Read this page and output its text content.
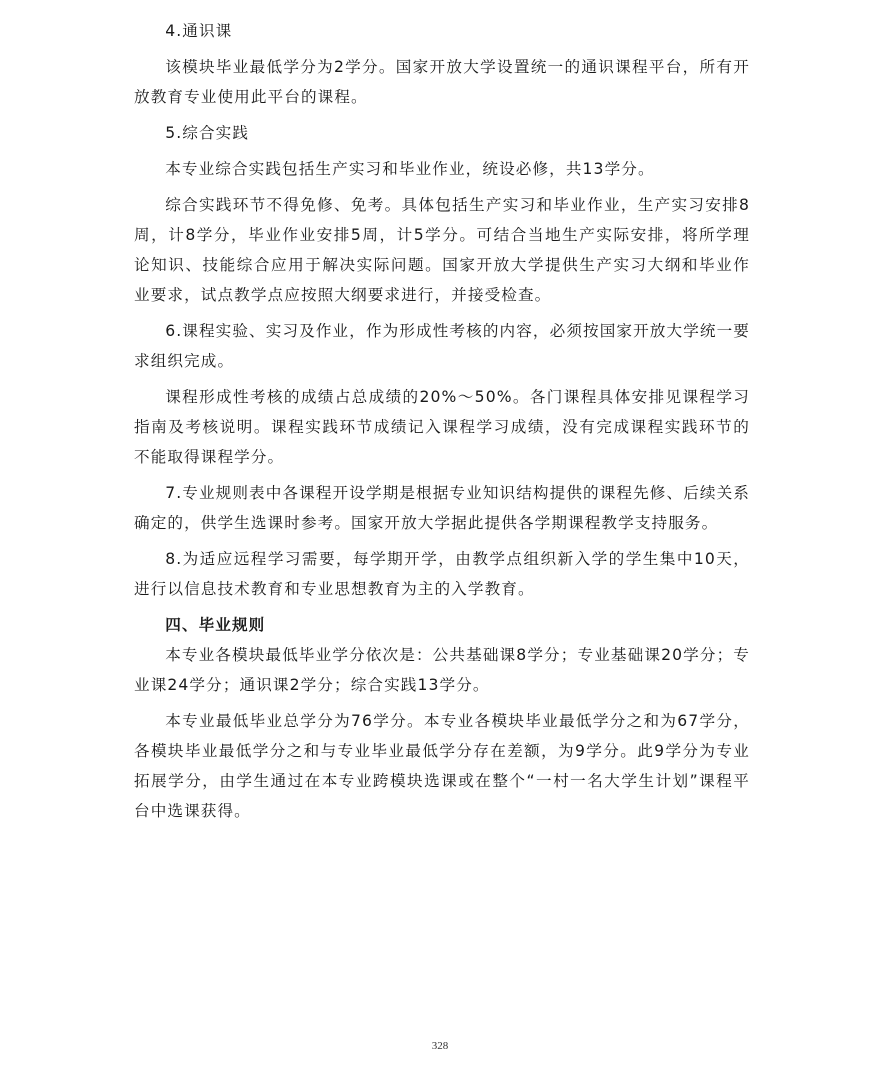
4.通识课

该模块毕业最低学分为2学分。国家开放大学设置统一的通识课程平台，所有开放教育专业使用此平台的课程。

5.综合实践

本专业综合实践包括生产实习和毕业作业，统设必修，共13学分。

综合实践环节不得免修、免考。具体包括生产实习和毕业作业，生产实习安排8周，计8学分，毕业作业安排5周，计5学分。可结合当地生产实际安排，将所学理论知识、技能综合应用于解决实际问题。国家开放大学提供生产实习大纲和毕业作业要求，试点教学点应按照大纲要求进行，并接受检查。

6.课程实验、实习及作业，作为形成性考核的内容，必须按国家开放大学统一要求组织完成。

课程形成性考核的成绩占总成绩的20%～50%。各门课程具体安排见课程学习指南及考核说明。课程实践环节成绩记入课程学习成绩，没有完成课程实践环节的不能取得课程学分。

7.专业规则表中各课程开设学期是根据专业知识结构提供的课程先修、后续关系确定的，供学生选课时参考。国家开放大学据此提供各学期课程教学支持服务。

8.为适应远程学习需要，每学期开学，由教学点组织新入学的学生集中10天，进行以信息技术教育和专业思想教育为主的入学教育。

四、毕业规则

本专业各模块最低毕业学分依次是：公共基础课8学分；专业基础课20学分；专业课24学分；通识课2学分；综合实践13学分。

本专业最低毕业总学分为76学分。本专业各模块毕业最低学分之和为67学分，各模块毕业最低学分之和与专业毕业最低学分存在差额，为9学分。此9学分为专业拓展学分，由学生通过在本专业跨模块选课或在整个“一村一名大学生计划”课程平台中选课获得。

328
